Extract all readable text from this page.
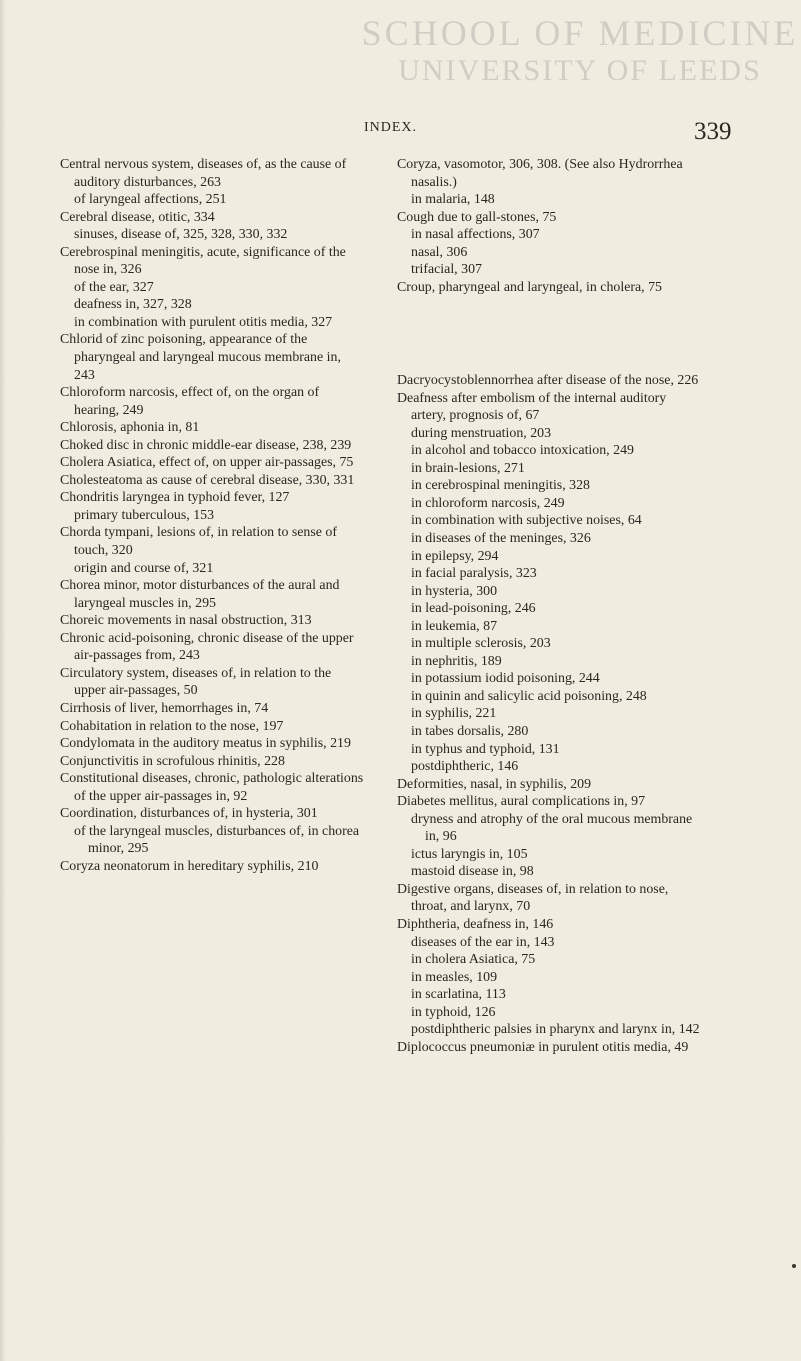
SCHOOL OF MEDICINE
UNIVERSITY OF LEEDS
INDEX.	339

Central nervous system, diseases of, as the cause of auditory disturbances, 263

of laryngeal affections, 251

Cerebral disease, otitic, 334

sinuses, disease of, 325, 328, 330, 332

Cerebrospinal meningitis, acute, significance of the nose in, 326

of the ear, 327

deafness in, 327, 328

in combination with purulent otitis media, 327

Chlorid of zinc poisoning, appearance of the pharyngeal and laryngeal mucous membrane in, 243

Chloroform narcosis, effect of, on the organ of hearing, 249

Chlorosis, aphonia in, 81

Choked disc in chronic middle-ear disease, 238, 239

Cholera Asiatica, effect of, on upper air-passages, 75

Cholesteatoma as cause of cerebral disease, 330, 331

Chondritis laryngea in typhoid fever, 127

primary tuberculous, 153

Chorda tympani, lesions of, in relation to sense of touch, 320

origin and course of, 321

Chorea minor, motor disturbances of the aural and laryngeal muscles in, 295

Choreic movements in nasal obstruction, 313

Chronic acid-poisoning, chronic disease of the upper air-passages from, 243

Circulatory system, diseases of, in relation to the upper air-passages, 50

Cirrhosis of liver, hemorrhages in, 74

Cohabitation in relation to the nose, 197

Condylomata in the auditory meatus in syphilis, 219

Conjunctivitis in scrofulous rhinitis, 228

Constitutional diseases, chronic, pathologic alterations of the upper air-passages in, 92

Coordination, disturbances of, in hysteria, 301

of the laryngeal muscles, disturbances of, in chorea minor, 295

Coryza neonatorum in hereditary syphilis, 210

Coryza, vasomotor, 306, 308. (See also Hydrorrhea nasalis.)

in malaria, 148

Cough due to gall-stones, 75

in nasal affections, 307

nasal, 306

trifacial, 307

Croup, pharyngeal and laryngeal, in cholera, 75

Dacryocystoblennorrhea after disease of the nose, 226

Deafness after embolism of the internal auditory artery, prognosis of, 67

during menstruation, 203

in alcohol and tobacco intoxication, 249

in brain-lesions, 271

in cerebrospinal meningitis, 328

in chloroform narcosis, 249

in combination with subjective noises, 64

in diseases of the meninges, 326

in epilepsy, 294

in facial paralysis, 323

in hysteria, 300

in lead-poisoning, 246

in leukemia, 87

in multiple sclerosis, 203

in nephritis, 189

in potassium iodid poisoning, 244

in quinin and salicylic acid poisoning, 248

in syphilis, 221

in tabes dorsalis, 280

in typhus and typhoid, 131

postdiphtheric, 146

Deformities, nasal, in syphilis, 209

Diabetes mellitus, aural complications in, 97

dryness and atrophy of the oral mucous membrane in, 96

ictus laryngis in, 105

mastoid disease in, 98

Digestive organs, diseases of, in relation to nose, throat, and larynx, 70

Diphtheria, deafness in, 146

diseases of the ear in, 143

in cholera Asiatica, 75

in measles, 109

in scarlatina, 113

in typhoid, 126

postdiphtheric palsies in pharynx and larynx in, 142

Diplococcus pneumoniæ in purulent otitis media, 49
